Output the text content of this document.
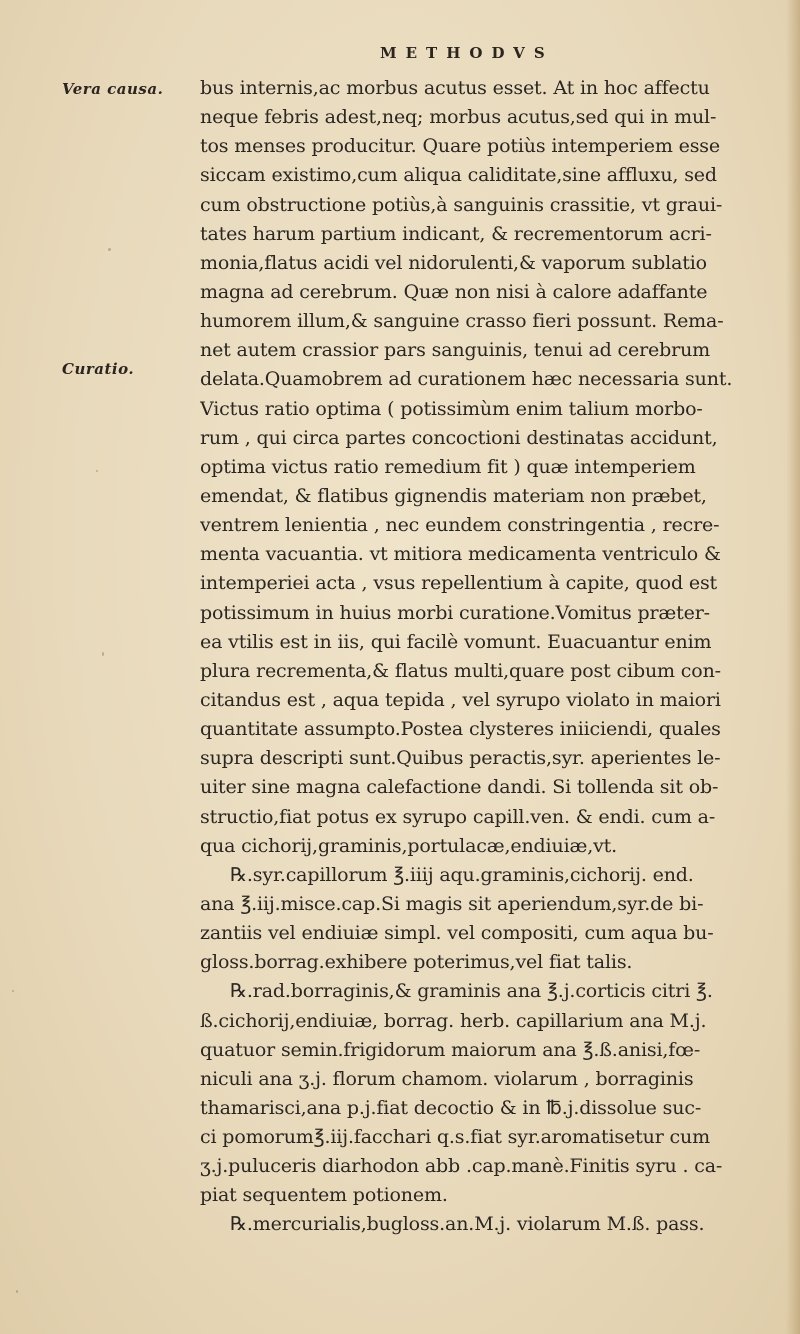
METHODVS
Vera causa.
Curatio.
bus internis,ac morbus acutus esset. At in hoc affectu
neque febris adest,neq; morbus acutus,sed qui in mul-
tos menses producitur. Quare potiùs intemperiem esse
siccam existimo,cum aliqua caliditate,sine affluxu, sed
cum obstructione potiùs,à sanguinis crassitie, vt graui-
tates harum partium indicant, & recrementorum acri-
monia,flatus acidi vel nidorulenti,& vaporum sublatio
magna ad cerebrum. Quæ non nisi à calore adaffante
humorem illum,& sanguine crasso fieri possunt. Rema-
net autem crassior pars sanguinis, tenui ad cerebrum
delata.Quamobrem ad curationem hæc necessaria sunt.
Victus ratio optima ( potissimùm enim talium morbo-
rum , qui circa partes concoctioni destinatas accidunt,
optima victus ratio remedium fit ) quæ intemperiem
emendat, & flatibus gignendis materiam non præbet,
ventrem lenientia , nec eundem constringentia , recre-
menta vacuantia. vt mitiora medicamenta ventriculo &
intemperiei acta , vsus repellentium à capite, quod est
potissimum in huius morbi curatione.Vomitus præter-
ea vtilis est in iis, qui facilè vomunt. Euacuantur enim
plura recrementa,& flatus multi,quare post cibum con-
citandus est , aqua tepida , vel syrupo violato in maiori
quantitate assumpto.Postea clysteres iniiciendi, quales
supra descripti sunt.Quibus peractis,syr. aperientes le-
uiter sine magna calefactione dandi. Si tollenda sit ob-
structio,fiat potus ex syrupo capill.ven. & endi. cum a-
qua cichorij,graminis,portulacæ,endiuiæ,vt.
℞.syr.capillorum ℥.iiij aqu.graminis,cichorij. end.
ana ℥.iij.misce.cap.Si magis sit aperiendum,syr.de bi-
zantiis vel endiuiæ simpl. vel compositi, cum aqua bu-
gloss.borrag.exhibere poterimus,vel fiat talis.
℞.rad.borraginis,& graminis ana ℥.j.corticis citri ℥.
ß.cichorij,endiuiæ, borrag. herb. capillarium ana M.j.
quatuor semin.frigidorum maiorum ana ℥.ß.anisi,fœ-
niculi ana ʒ.j. florum chamom. violarum , borraginis
thamarisci,ana p.j.fiat decoctio & in ℔.j.dissolue suc-
ci pomorum℥.iij.facchari q.s.fiat syr.aromatisetur cum
ʒ.j.puluceris diarhodon abb .cap.manè.Finitis syru . ca-
piat sequentem potionem.
℞.mercurialis,bugloss.an.M.j. violarum M.ß. pass.
